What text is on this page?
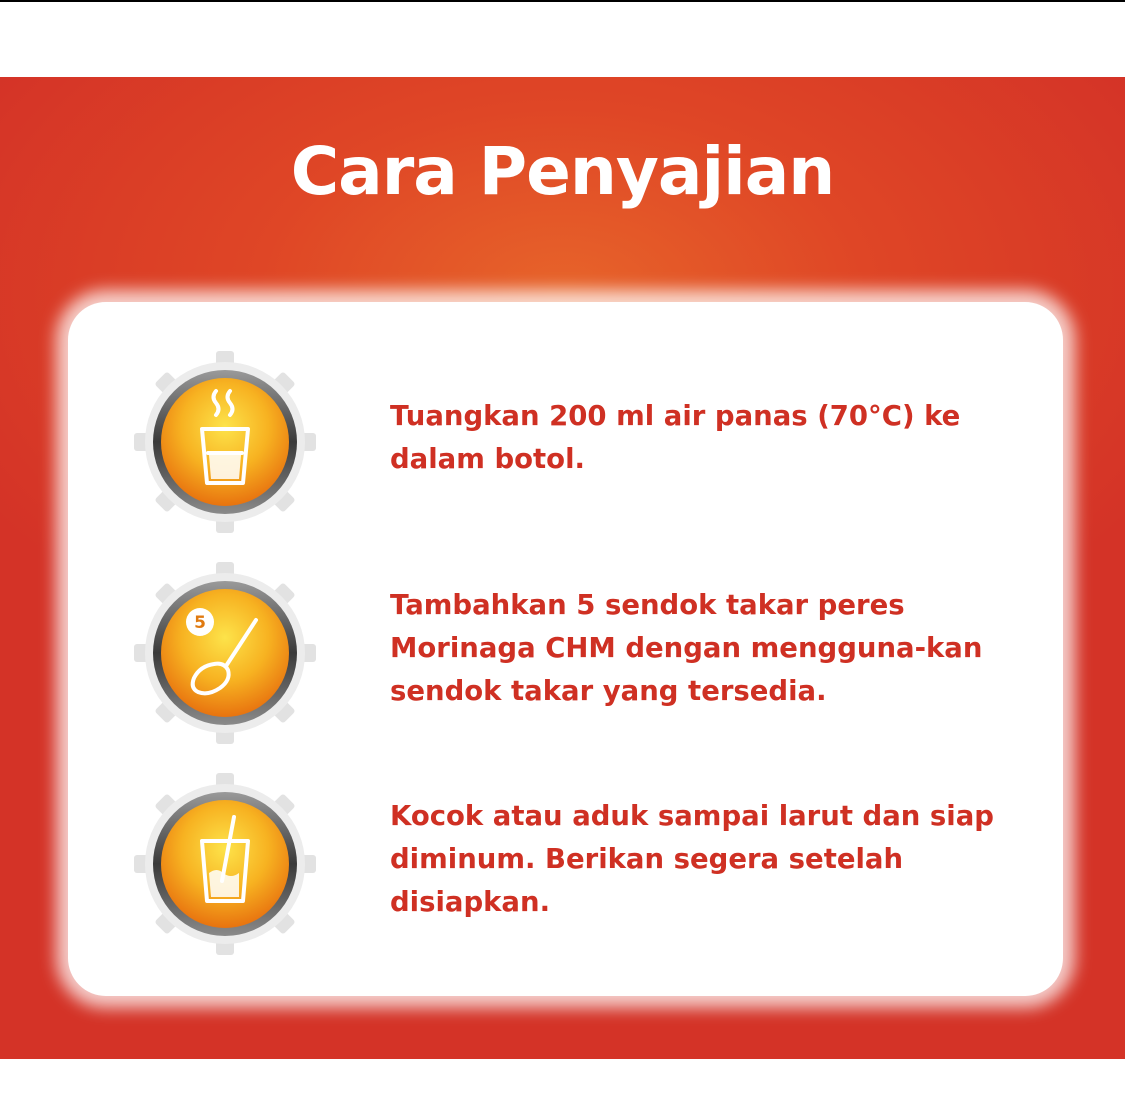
Cara Penyajian

Tuangkan 200 ml air panas (70°C) ke dalam botol.

5

Tambahkan 5 sendok takar peres Morinaga CHM dengan mengguna-kan sendok takar yang tersedia.

Kocok atau aduk sampai larut dan siap diminum. Berikan segera setelah disiapkan.
